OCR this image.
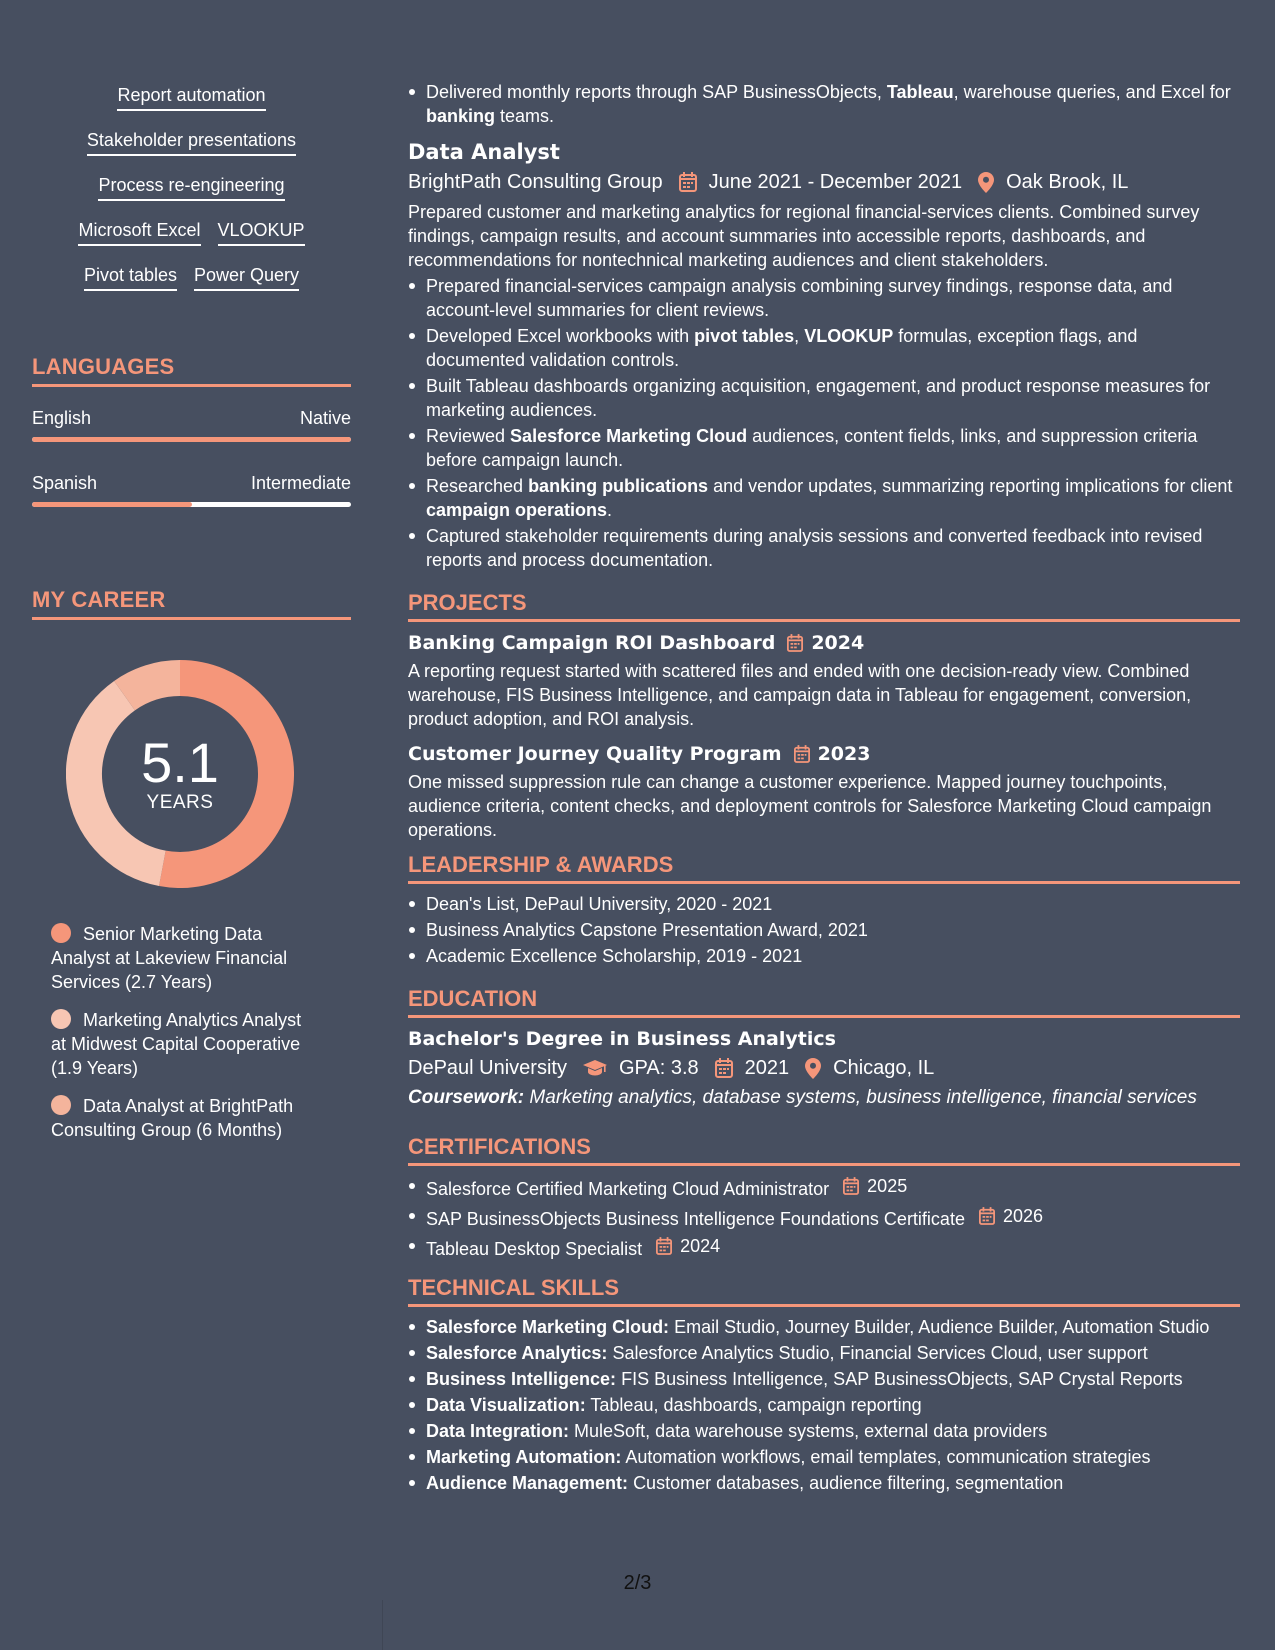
Report automation
Stakeholder presentations
Process re-engineering
Microsoft Excel VLOOKUP
Pivot tables Power Query
LANGUAGES
English	Native
Spanish	Intermediate
MY CAREER
5.1
YEARS
Senior Marketing Data Analyst at Lakeview Financial Services (2.7 Years)
Marketing Analytics Analyst at Midwest Capital Cooperative (1.9 Years)
Data Analyst at BrightPath Consulting Group (6 Months)
Delivered monthly reports through SAP BusinessObjects, Tableau, warehouse queries, and Excel for banking teams.
Data Analyst
BrightPath Consulting Group June 2021 - December 2021 Oak Brook, IL
Prepared customer and marketing analytics for regional financial-services clients. Combined survey findings, campaign results, and account summaries into accessible reports, dashboards, and recommendations for nontechnical marketing audiences and client stakeholders.
Prepared financial-services campaign analysis combining survey findings, response data, and account-level summaries for client reviews.
Developed Excel workbooks with pivot tables, VLOOKUP formulas, exception flags, and documented validation controls.
Built Tableau dashboards organizing acquisition, engagement, and product response measures for marketing audiences.
Reviewed Salesforce Marketing Cloud audiences, content fields, links, and suppression criteria before campaign launch.
Researched banking publications and vendor updates, summarizing reporting implications for client campaign operations.
Captured stakeholder requirements during analysis sessions and converted feedback into revised reports and process documentation.
PROJECTS
Banking Campaign ROI Dashboard 2024
A reporting request started with scattered files and ended with one decision-ready view. Combined warehouse, FIS Business Intelligence, and campaign data in Tableau for engagement, conversion, product adoption, and ROI analysis.
Customer Journey Quality Program 2023
One missed suppression rule can change a customer experience. Mapped journey touchpoints, audience criteria, content checks, and deployment controls for Salesforce Marketing Cloud campaign operations.
LEADERSHIP & AWARDS
Dean's List, DePaul University, 2020 - 2021
Business Analytics Capstone Presentation Award, 2021
Academic Excellence Scholarship, 2019 - 2021
EDUCATION
Bachelor's Degree in Business Analytics
DePaul University	GPA: 3.8 2021 Chicago, IL
Coursework: Marketing analytics, database systems, business intelligence, financial services
CERTIFICATIONS
Salesforce Certified Marketing Cloud Administrator 2025
SAP BusinessObjects Business Intelligence Foundations Certificate 2026
Tableau Desktop Specialist 2024
TECHNICAL SKILLS
Salesforce Marketing Cloud: Email Studio, Journey Builder, Audience Builder, Automation Studio
Salesforce Analytics: Salesforce Analytics Studio, Financial Services Cloud, user support
Business Intelligence: FIS Business Intelligence, SAP BusinessObjects, SAP Crystal Reports
Data Visualization: Tableau, dashboards, campaign reporting
Data Integration: MuleSoft, data warehouse systems, external data providers
Marketing Automation: Automation workflows, email templates, communication strategies
Audience Management: Customer databases, audience filtering, segmentation
2/3
